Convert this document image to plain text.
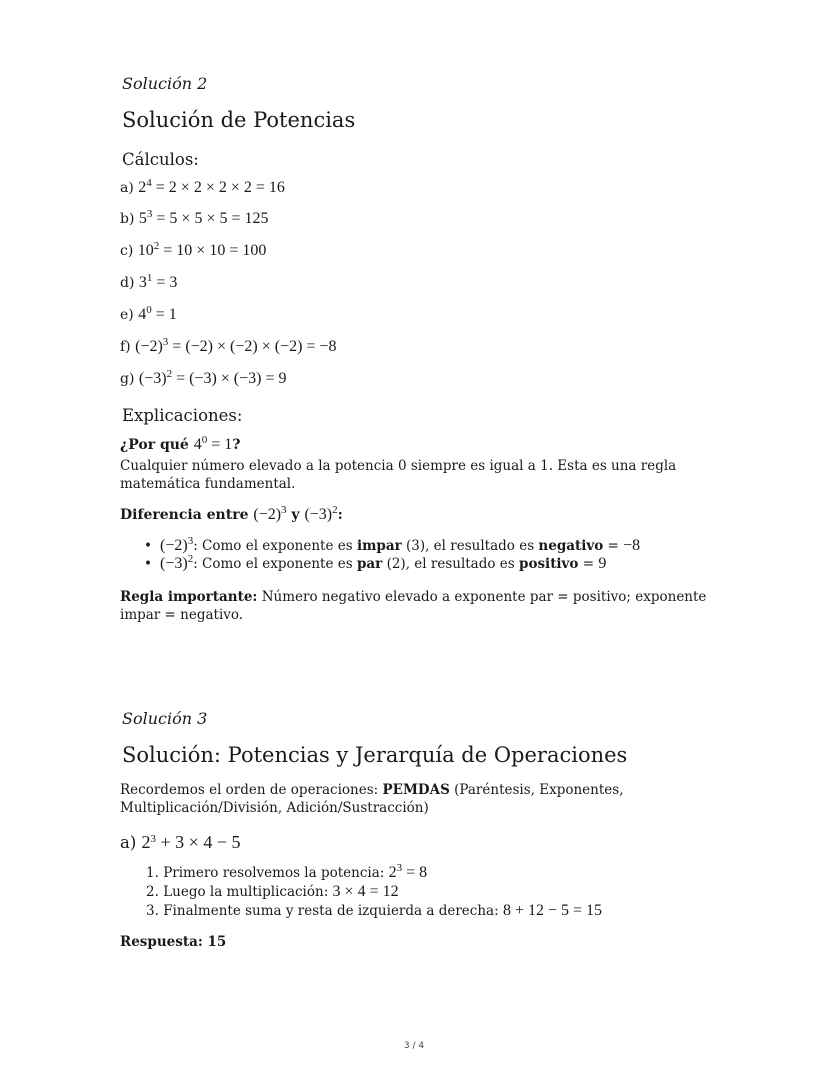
Solución 2
Solución de Potencias
Cálculos:
a) $2^4 = 2 \times 2 \times 2 \times 2 = 16$
b) $5^3 = 5 \times 5 \times 5 = 125$
c) $10^2 = 10 \times 10 = 100$
d) $3^1 = 3$
e) $4^0 = 1$
f) $(-2)^3 = (-2) \times (-2) \times (-2) = -8$
g) $(-3)^2 = (-3) \times (-3) = 9$
Explicaciones:
¿Por qué $4^0 = 1$?
Cualquier número elevado a la potencia 0 siempre es igual a 1. Esta es una regla matemática fundamental.
Diferencia entre $(-2)^3$ y $(-3)^2$:
• $(-2)^3$: Como el exponente es impar (3), el resultado es negativo = −8
• $(-3)^2$: Como el exponente es par (2), el resultado es positivo = 9
Regla importante: Número negativo elevado a exponente par = positivo; exponente impar = negativo.
Solución 3
Solución: Potencias y Jerarquía de Operaciones
Recordemos el orden de operaciones: PEMDAS (Paréntesis, Exponentes, Multiplicación/División, Adición/Sustracción)
a) $2^3 + 3 \times 4 - 5$
1. Primero resolvemos la potencia: $2^3 = 8$
2. Luego la multiplicación: 3 × 4 = 12
3. Finalmente suma y resta de izquierda a derecha: 8 + 12 − 5 = 15
Respuesta: 15
3 / 4
